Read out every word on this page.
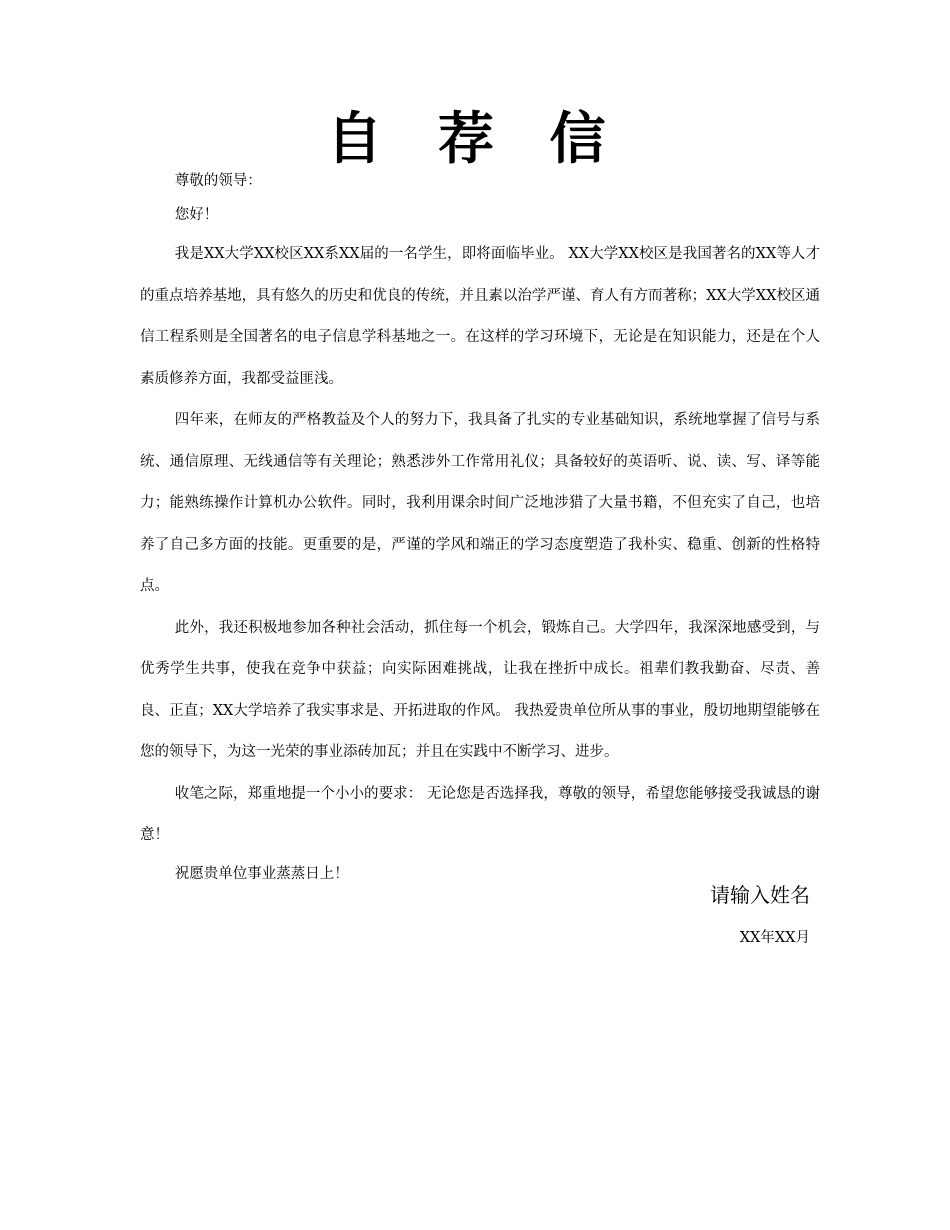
自 荐 信

尊敬的领导：

您好！

我是XX大学XX校区XX系XX届的一名学生，即将面临毕业。 XX大学XX校区是我国著名的XX等人才的重点培养基地，具有悠久的历史和优良的传统，并且素以治学严谨、育人有方而著称；XX大学XX校区通信工程系则是全国著名的电子信息学科基地之一。在这样的学习环境下，无论是在知识能力，还是在个人素质修养方面，我都受益匪浅。

四年来，在师友的严格教益及个人的努力下，我具备了扎实的专业基础知识，系统地掌握了信号与系统、通信原理、无线通信等有关理论；熟悉涉外工作常用礼仪；具备较好的英语听、说、读、写、译等能力；能熟练操作计算机办公软件。同时，我利用课余时间广泛地涉猎了大量书籍，不但充实了自己，也培养了自己多方面的技能。更重要的是，严谨的学风和端正的学习态度塑造了我朴实、稳重、创新的性格特点。

此外，我还积极地参加各种社会活动，抓住每一个机会，锻炼自己。大学四年，我深深地感受到，与优秀学生共事，使我在竞争中获益；向实际困难挑战，让我在挫折中成长。祖辈们教我勤奋、尽责、善良、正直；XX大学培养了我实事求是、开拓进取的作风。 我热爱贵单位所从事的事业，殷切地期望能够在您的领导下，为这一光荣的事业添砖加瓦；并且在实践中不断学习、进步。

收笔之际，郑重地提一个小小的要求： 无论您是否选择我，尊敬的领导，希望您能够接受我诚恳的谢意！

祝愿贵单位事业蒸蒸日上！

请输入姓名
XX年XX月
